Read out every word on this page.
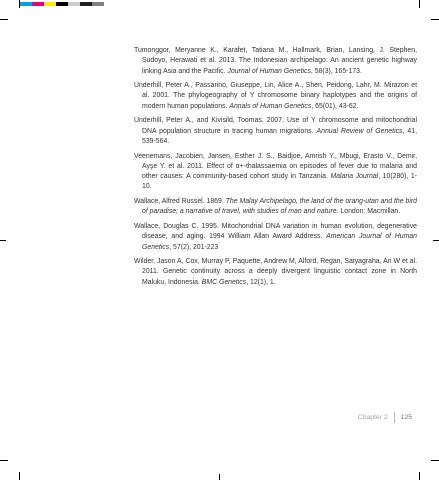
Tumonggor, Meryanne K., Karafet, Tatiana M., Hallmark, Brian, Lansing, J. Stephen, Sudoyo, Herawati et al. 2013. The Indonesian archipelago: An ancient genetic highway linking Asia and the Pacific. Journal of Human Genetics, 58(3), 165-173.

Underhill, Peter A., Passarino, Giuseppe, Lin, Alice A., Shen, Peidong, Lahr, M. Mirazon et al. 2001. The phylogeography of Y chromosome binary haplotypes and the origins of modern human populations. Annals of Human Genetics, 65(01), 43-62.

Underhill, Peter A., and Kivisild, Toomas. 2007. Use of Y chromosome and mitochondrial DNA population structure in tracing human migrations. Annual Review of Genetics, 41, 539-564.

Veenemans, Jacobien, Jansen, Esther J. S., Baidjoe, Amrish Y., Mbugi, Erasto V., Demir, Ayşe Y. et al. 2011. Effect of α+-thalassaemia on episodes of fever due to malaria and other causes: A community-based cohort study in Tanzania. Malaria Journal, 10(280), 1-10.

Wallace, Alfred Russel. 1869. The Malay Archipelago, the land of the orang-utan and the bird of paradise; a narrative of travel, with studies of man and nature. London: Macmillan.

Wallace, Douglas C. 1995. Mitochondrial DNA variation in human evolution, degenerative disease, and aging. 1994 William Allan Award Address. American Journal of Human Genetics, 57(2), 201-223

Wilder, Jason A, Cox, Murray P, Paquette, Andrew M, Alford, Regan, Satyagraha, Ari W et al. 2011. Genetic continuity across a deeply divergent linguistic contact zone in North Maluku, Indonesia. BMC Genetics, 12(1), 1.

Chapter 2 125
